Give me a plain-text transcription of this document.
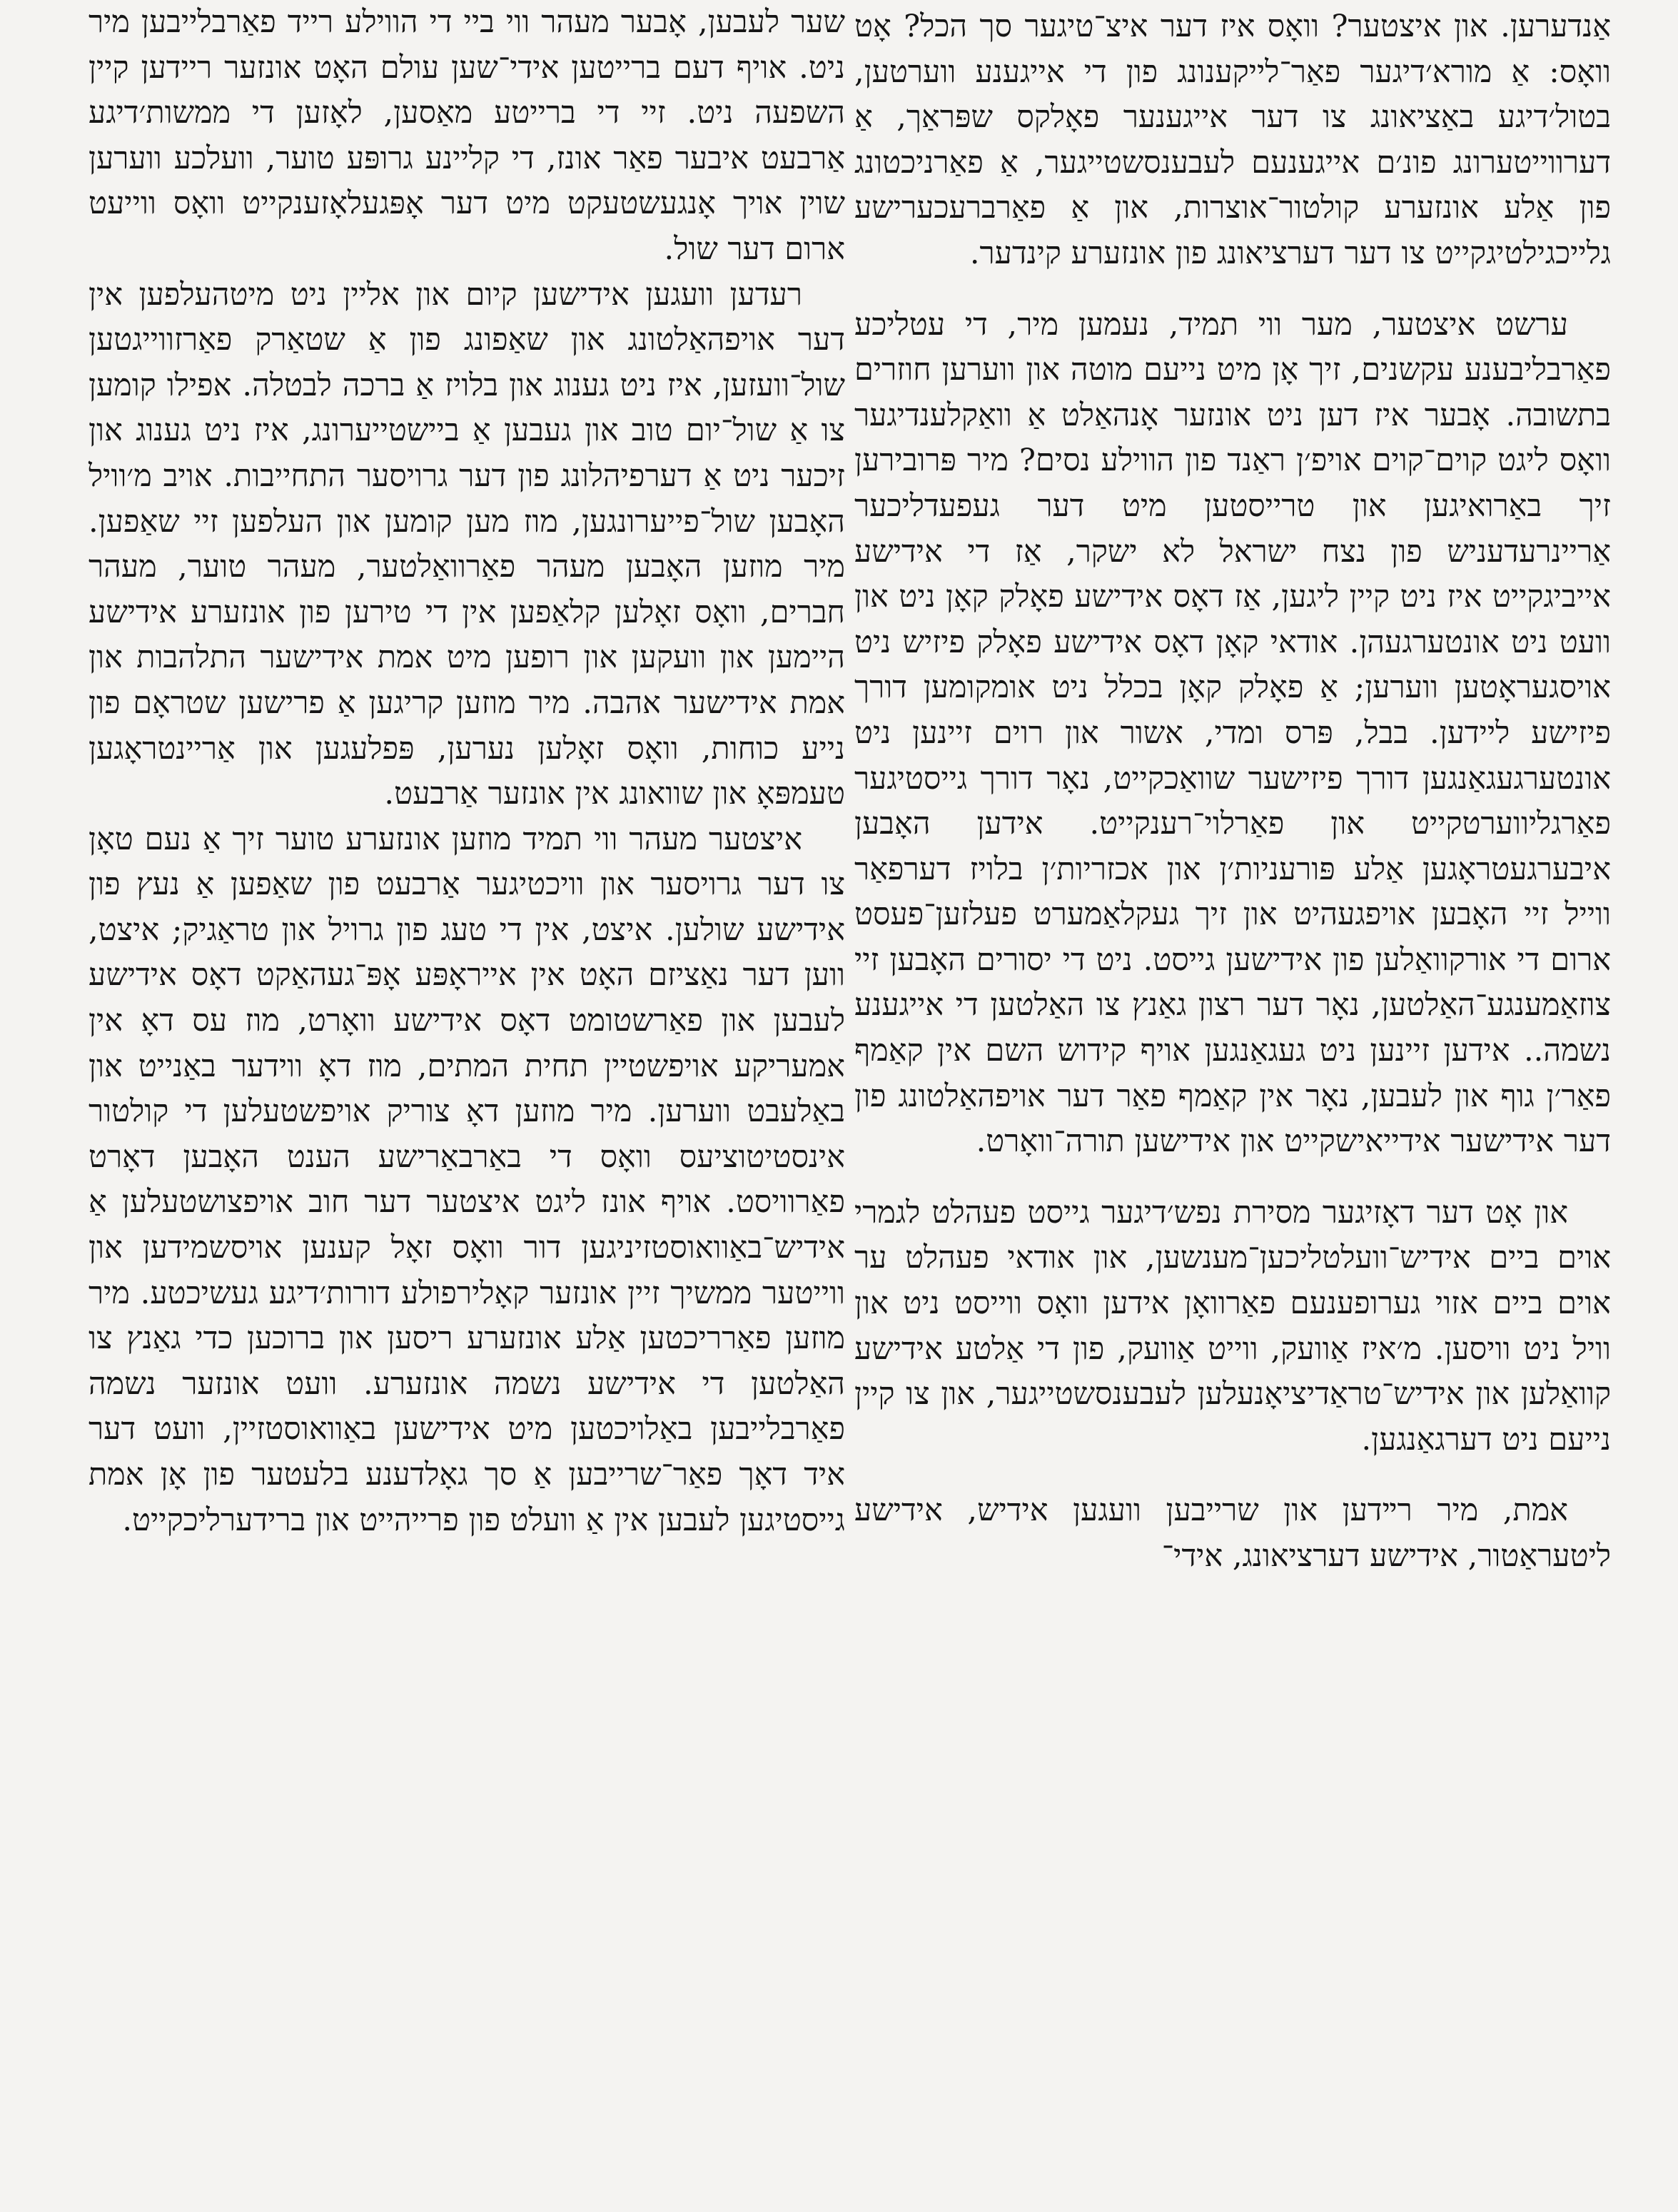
אַנדערען. און איצטער? וואָס איז דער איצ־טיגער סך הכל? אָט וואָס: אַ מורא׳דיגער פאַר־לייקענונג פון די אייגענע ווערטען, בטול׳דיגע באַציאונג צו דער אייגענער פאָלקס שפּראַך, אַ דערווייטערונג פונ׳ם אייגענעם לעבענסשטייגער, אַ פאַרניכטונג פון אַלע אונזערע קולטור־אוצרות, און אַ פאַרברעכערישע גלייכגילטיגקייט צו דער דערציאונג פון אונזערע קינדער.

ערשט איצטער, מער ווי תמיד, נעמען מיר, די עטליכע פאַרבליבענע עקשנים, זיך אָן מיט נייעם מוטה און ווערען חוזרים בתשובה. אָבער איז דען ניט אונזער אָנהאַלט אַ וואַקלענדיגער וואָס ליגט קוים־קוים אויפ׳ן ראַנד פון הווילע נסים? מיר פּרובירען זיך באַרואיגען און טרייסטען מיט דער געפעדליכער אַריינרעדעניש פון נצח ישראל לא ישקר, אַז די אידישע אייביגקייט איז ניט קיין ליגען, אַז דאָס אידישע פאָלק קאָן ניט און וועט ניט אונטערגעהן. אודאי קאָן דאָס אידישע פאָלק פיזיש ניט אויסגעראָטען ווערען; אַ פאָלק קאָן בכלל ניט אומקומען דורך פיזישע ליידען. בבל, פּרס ומדי, אשור און רוים זיינען ניט אונטערגעגאַנגען דורך פיזישער שוואַכקייט, נאָר דורך גייסטיגער פאַרגליווערטקייט און פאַרלוי־רענקייט. אידען האָבען איבערגעטראָגען אַלע פּורעניות׳ן און אכזריות׳ן בלויז דערפאַר ווייל זיי האָבען אויפגעהיט און זיך געקלאַמערט פעלזען־פעסט ארום די אורקוואַלען פון אידישען גייסט. ניט די יסורים האָבען זיי צוזאַמענגע־האַלטען, נאָר דער רצון גאַנץ צו האַלטען די אייגענע נשמה.. אידען זיינען ניט געגאַנגען אויף קידוש השם אין קאַמף פאַר׳ן גוף און לעבען, נאָר אין קאַמף פאַר דער אויפהאַלטונג פון דער אידישער אידייאישקייט און אידישען תורה־וואָרט.

און אָט דער דאָזיגער מסירת נפש׳דיגער גייסט פעהלט לגמרי אוים ביים אידיש־וועלטליכען־מענשען, און אודאי פעהלט ער אוים ביים אזוי גערופענעם פאַרוואָן אידען וואָס ווייסט ניט און וויל ניט וויסען. מ׳איז אַוועק, ווייט אַוועק, פון די אַלטע אידישע קוואַלען און אידיש־טראַדיציאָנעלען לעבענסשטייגער, און צו קיין נייעם ניט דערגאַנגען.

אמת, מיר רײדען און שרייבען וועגען אידיש, אידישע ליטעראַטור, אידישע דערציאונג, אידי־

שער לעבען, אָבער מעהר ווי ביי די הווילע רייד פאַרבלייבען מיר ניט. אויף דעם ברייטען אידי־שען עולם האָט אונזער ריידען קיין השפעה ניט. זיי די ברייטע מאַסען, לאָזען די ממשות׳דיגע אַרבעט איבער פאַר אונז, די קליינע גרופּע טוער, וועלכע ווערען שוין אויך אָנגעשטעקט מיט דער אָפּגעלאָזענקייט וואָס ווייעט ארום דער שול.

רעדען וועגען אידישען קיום און אליין ניט מיטהעלפען אין דער אויפהאַלטונג און שאַפונג פון אַ שטאַרק פאַרזווייגטען שול־וועזען, איז ניט גענוג און בלויז אַ ברכה לבטלה. אפילו קומען צו אַ שול־יום טוב און געבען אַ ביישטייערונג, איז ניט גענוג און זיכער ניט אַ דערפיהלונג פון דער גרויסער התחייבות. אויב מ׳וויל האָבען שול־פייערונגען, מוז מען קומען און העלפען זיי שאַפען. מיר מוזען האָבען מעהר פאַרוואַלטער, מעהר טוער, מעהר חברים, וואָס זאָלען קלאַפען אין די טירען פון אונזערע אידישע היימען און וועקען און רופען מיט אמת אידישער התלהבות און אמת אידישער אהבה. מיר מוזען קריגען אַ פרישען שטראָם פון נייע כוחות, וואָס זאָלען נערען, פּפלעגען און אַריינטראָגען טעמפּאָ און שוואונג אין אונזער אַרבעט.

איצטער מעהר ווי תמיד מוזען אונזערע טוער זיך אַ נעם טאָן צו דער גרויסער און וויכטיגער אַרבעט פון שאַפען אַ נעץ פון אידישע שולען. איצט, אין די טעג פון גרויל און טראַגיק; איצט, ווען דער נאַציזם האָט אין אייראָפּע אָפּ־געהאַקט דאָס אידישע לעבען און פאַרשטומט דאָס אידישע וואָרט, מוז עס דאָ אין אמעריקע אויפשטיין תחית המתים, מוז דאָ ווידער באַנייט און באַלעבט ווערען. מיר מוזען דאָ צוריק אויפשטעלען די קולטור אינסטיטוציעס וואָס די באַרבאַרישע הענט האָבען דאָרט פאַרוויסט. אויף אונז ליגט איצטער דער חוב אויפצושטעלען אַ אידיש־באַוואוסטזיניגען דור וואָס זאָל קענען אויסשמידען און ווייטער ממשיך זיין אונזער קאָלירפולע דורות׳דיגע געשיכטע. מיר מוזען פאַרריכטען אַלע אונזערע ריסען און ברוכען כדי גאַנץ צו האַלטען די אידישע נשמה אונזערע. וועט אונזער נשמה פאַרבלייבען באַלויכטען מיט אידישען באַוואוסטזיין, וועט דער איד דאָך פאַר־שרייבען אַ סך גאָלדענע בלעטער פון אָן אמת גייסטיגען לעבען אין אַ וועלט פון פרייהייט און ברידערליכקייט.
